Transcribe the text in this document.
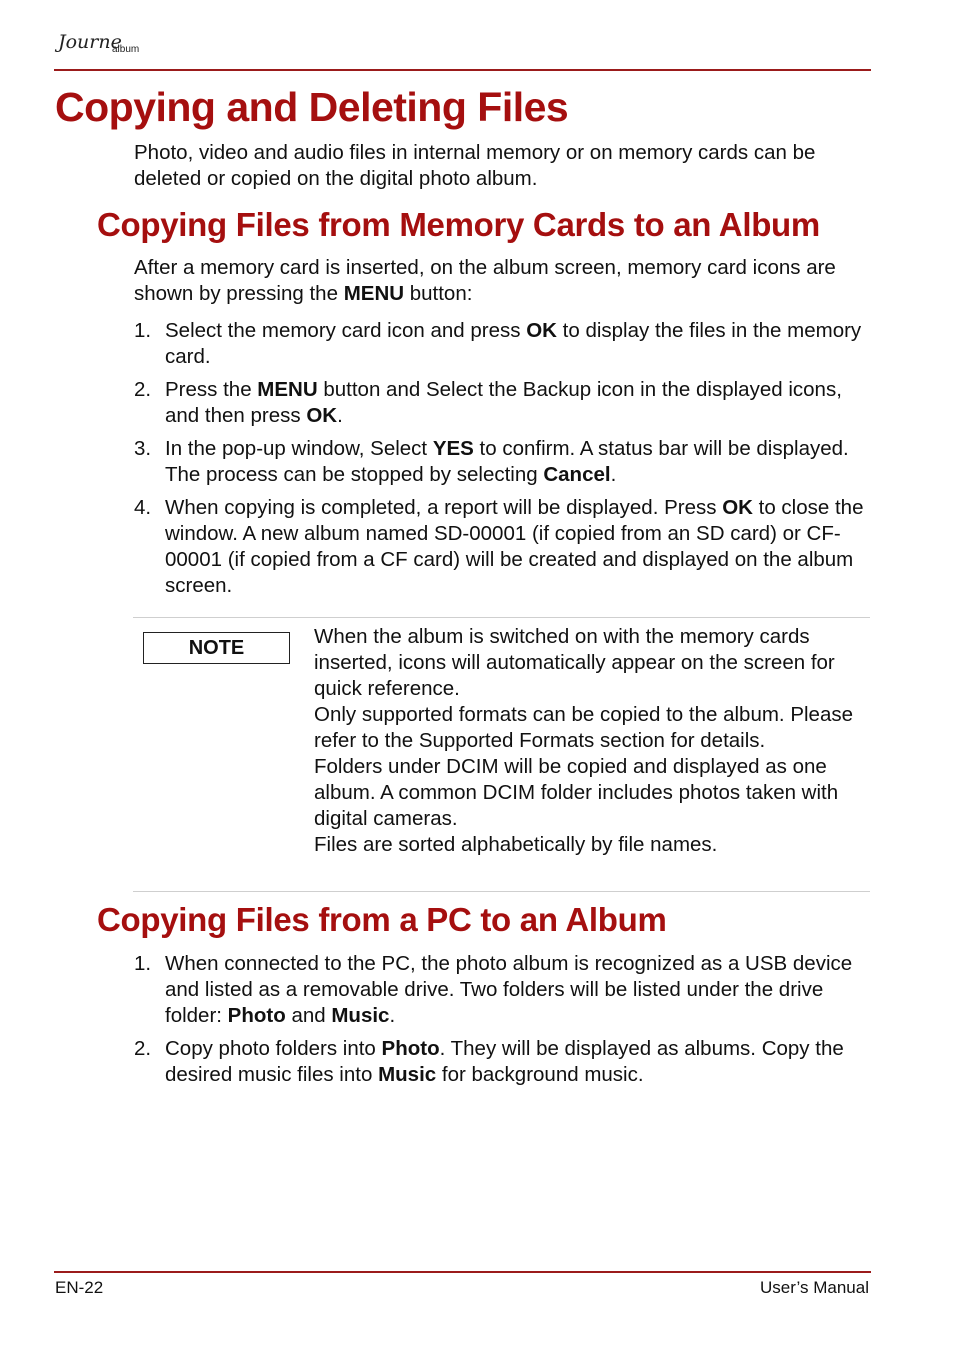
Journe
album
Copying and Deleting Files

Photo, video and audio files in internal memory or on memory cards can be deleted or copied on the digital photo album.

Copying Files from Memory Cards to an Album

After a memory card is inserted, on the album screen, memory card icons are shown by pressing the MENU button:

1. Select the memory card icon and press OK to display the files in the memory card.
2. Press the MENU button and Select the Backup icon in the displayed icons, and then press OK.
3. In the pop-up window, Select YES to confirm. A status bar will be displayed. The process can be stopped by selecting Cancel.
4. When copying is completed, a report will be displayed. Press OK to close the window. A new album named SD-00001 (if copied from an SD card) or CF-00001 (if copied from a CF card) will be created and displayed on the album screen.
NOTE	When the album is switched on with the memory cards inserted, icons will automatically appear on the screen for quick reference.

Only supported formats can be copied to the album. Please refer to the Supported Formats section for details.

Folders under DCIM will be copied and displayed as one album. A common DCIM folder includes photos taken with digital cameras.

Files are sorted alphabetically by file names.

Copying Files from a PC to an Album
1. When connected to the PC, the photo album is recognized as a USB device and listed as a removable drive. Two folders will be listed under the drive folder: Photo and Music.
2. Copy photo folders into Photo. They will be displayed as albums. Copy the desired music files into Music for background music.
EN-22	User’s Manual
